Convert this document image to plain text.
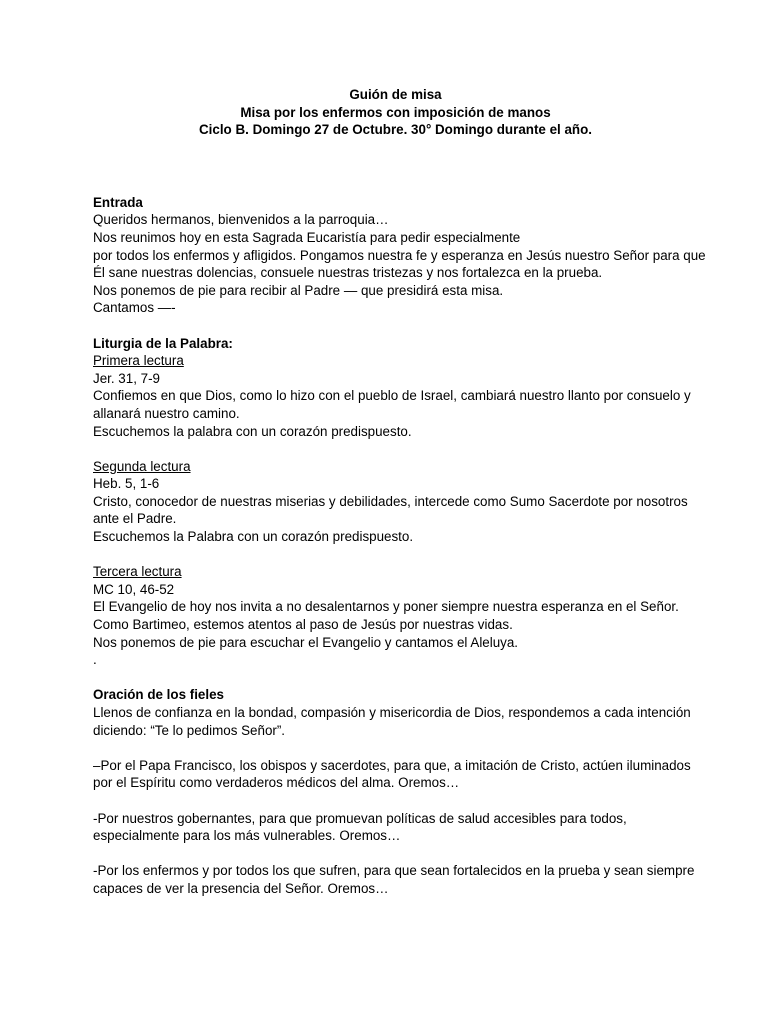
Guión de misa
Misa por los enfermos con imposición de manos
Ciclo B. Domingo 27 de Octubre. 30° Domingo durante el año.

Entrada

Queridos hermanos, bienvenidos a la parroquia…

Nos reunimos hoy en esta Sagrada Eucaristía para pedir especialmente

por todos los enfermos y afligidos. Pongamos nuestra fe y esperanza en Jesús nuestro Señor para que Él sane nuestras dolencias, consuele nuestras tristezas y nos fortalezca en la prueba.

Nos ponemos de pie para recibir al Padre — que presidirá esta misa.

Cantamos —-

Liturgia de la Palabra:

Primera lectura

Jer. 31, 7-9

Confiemos en que Dios, como lo hizo con el pueblo de Israel, cambiará nuestro llanto por consuelo y allanará nuestro camino.

Escuchemos la palabra con un corazón predispuesto.

Segunda lectura

Heb. 5, 1-6

Cristo, conocedor de nuestras miserias y debilidades, intercede como Sumo Sacerdote por nosotros ante el Padre.

Escuchemos la Palabra con un corazón predispuesto.

Tercera lectura

MC 10, 46-52

El Evangelio de hoy nos invita a no desalentarnos y poner siempre nuestra esperanza en el Señor. Como Bartimeo, estemos atentos al paso de Jesús por nuestras vidas.

Nos ponemos de pie para escuchar el Evangelio y cantamos el Aleluya.

.

Oración de los fieles

Llenos de confianza en la bondad, compasión y misericordia de Dios, respondemos a cada intención diciendo: “Te lo pedimos Señor”.

–Por el Papa Francisco, los obispos y sacerdotes, para que, a imitación de Cristo, actúen iluminados por el Espíritu como verdaderos médicos del alma. Oremos…

-Por nuestros gobernantes, para que promuevan políticas de salud accesibles para todos, especialmente para los más vulnerables. Oremos…

-Por los enfermos y por todos los que sufren, para que sean fortalecidos en la prueba y sean siempre capaces de ver la presencia del Señor. Oremos…
